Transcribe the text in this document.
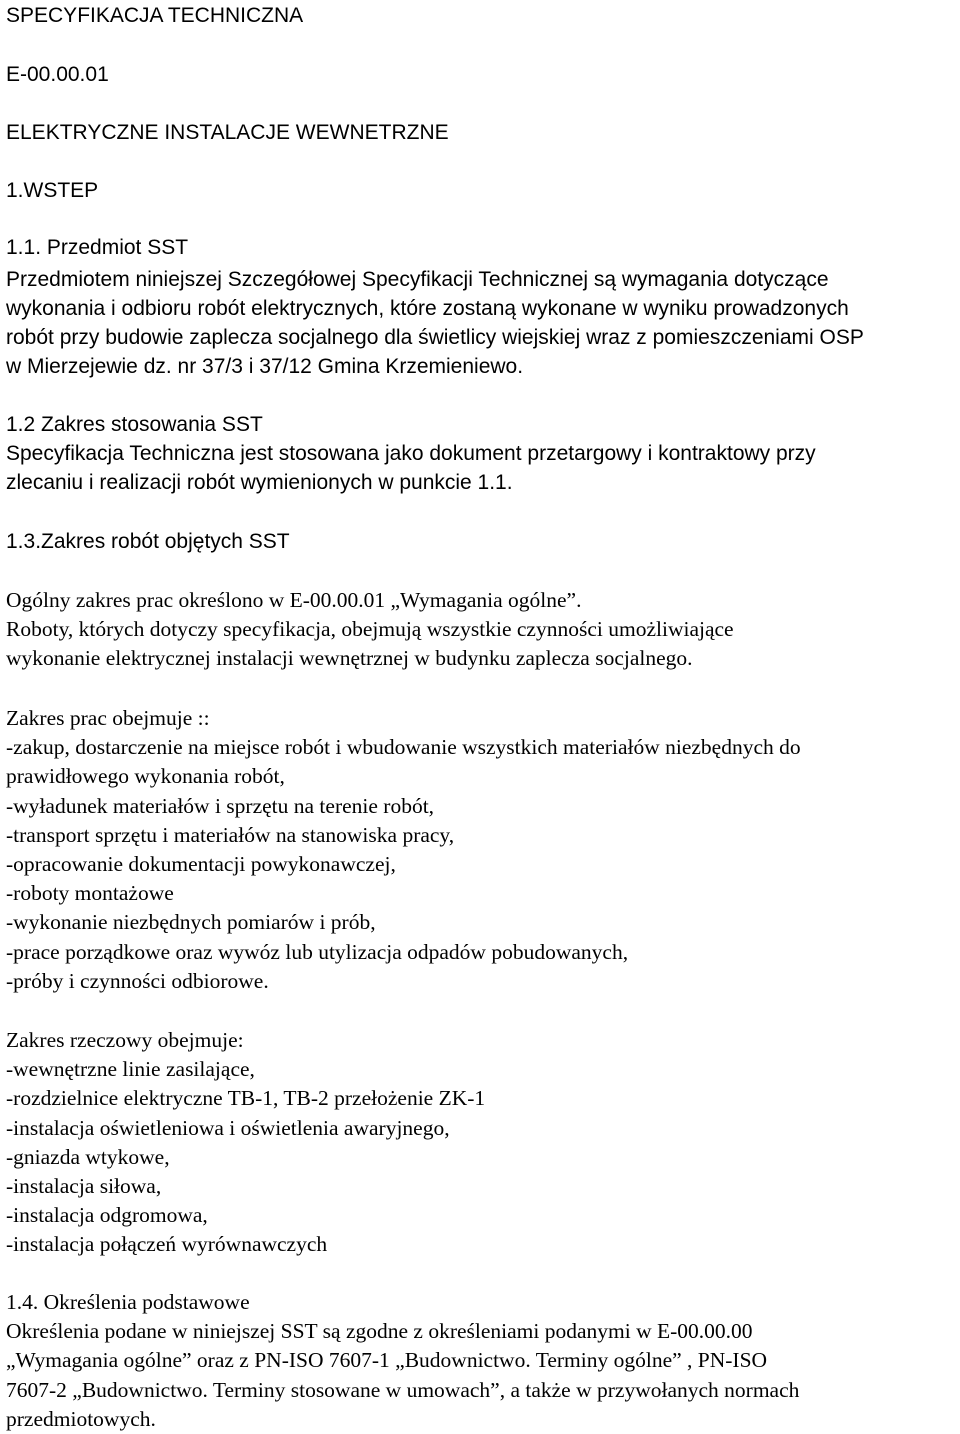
SPECYFIKACJA TECHNICZNA

E-00.00.01

ELEKTRYCZNE INSTALACJE WEWNETRZNE

1.WSTEP

1.1. Przedmiot SST

Przedmiotem niniejszej Szczegółowej Specyfikacji Technicznej są wymagania dotyczące

wykonania i odbioru robót elektrycznych, które zostaną wykonane w wyniku prowadzonych

robót przy budowie zaplecza socjalnego dla świetlicy wiejskiej wraz z pomieszczeniami OSP

w Mierzejewie dz. nr 37/3 i 37/12 Gmina Krzemieniewo.

1.2 Zakres stosowania SST

Specyfikacja Techniczna jest stosowana jako dokument przetargowy i kontraktowy przy

zlecaniu i realizacji robót wymienionych w punkcie 1.1.

1.3.Zakres robót objętych SST

Ogólny zakres prac określono w E-00.00.01 „Wymagania ogólne”.

Roboty, których dotyczy specyfikacja, obejmują wszystkie czynności umożliwiające

wykonanie elektrycznej instalacji wewnętrznej w budynku zaplecza socjalnego.

Zakres prac obejmuje ::

-zakup, dostarczenie na miejsce robót i wbudowanie wszystkich materiałów niezbędnych do

prawidłowego wykonania robót,

-wyładunek materiałów i sprzętu na terenie robót,

-transport sprzętu i materiałów na stanowiska pracy,

-opracowanie dokumentacji powykonawczej,

-roboty montażowe

-wykonanie niezbędnych pomiarów i prób,

-prace porządkowe oraz wywóz lub utylizacja odpadów pobudowanych,

-próby i czynności odbiorowe.

Zakres rzeczowy obejmuje:

-wewnętrzne linie zasilające,

-rozdzielnice elektryczne TB-1, TB-2 przełożenie ZK-1

-instalacja oświetleniowa i oświetlenia awaryjnego,

-gniazda wtykowe,

-instalacja siłowa,

-instalacja odgromowa,

-instalacja połączeń wyrównawczych

1.4. Określenia podstawowe

Określenia podane w niniejszej SST są zgodne z określeniami podanymi w E-00.00.00

„Wymagania ogólne” oraz z PN-ISO 7607-1 „Budownictwo. Terminy ogólne” , PN-ISO

7607-2 „Budownictwo. Terminy stosowane w umowach”, a także w przywołanych normach

przedmiotowych.
